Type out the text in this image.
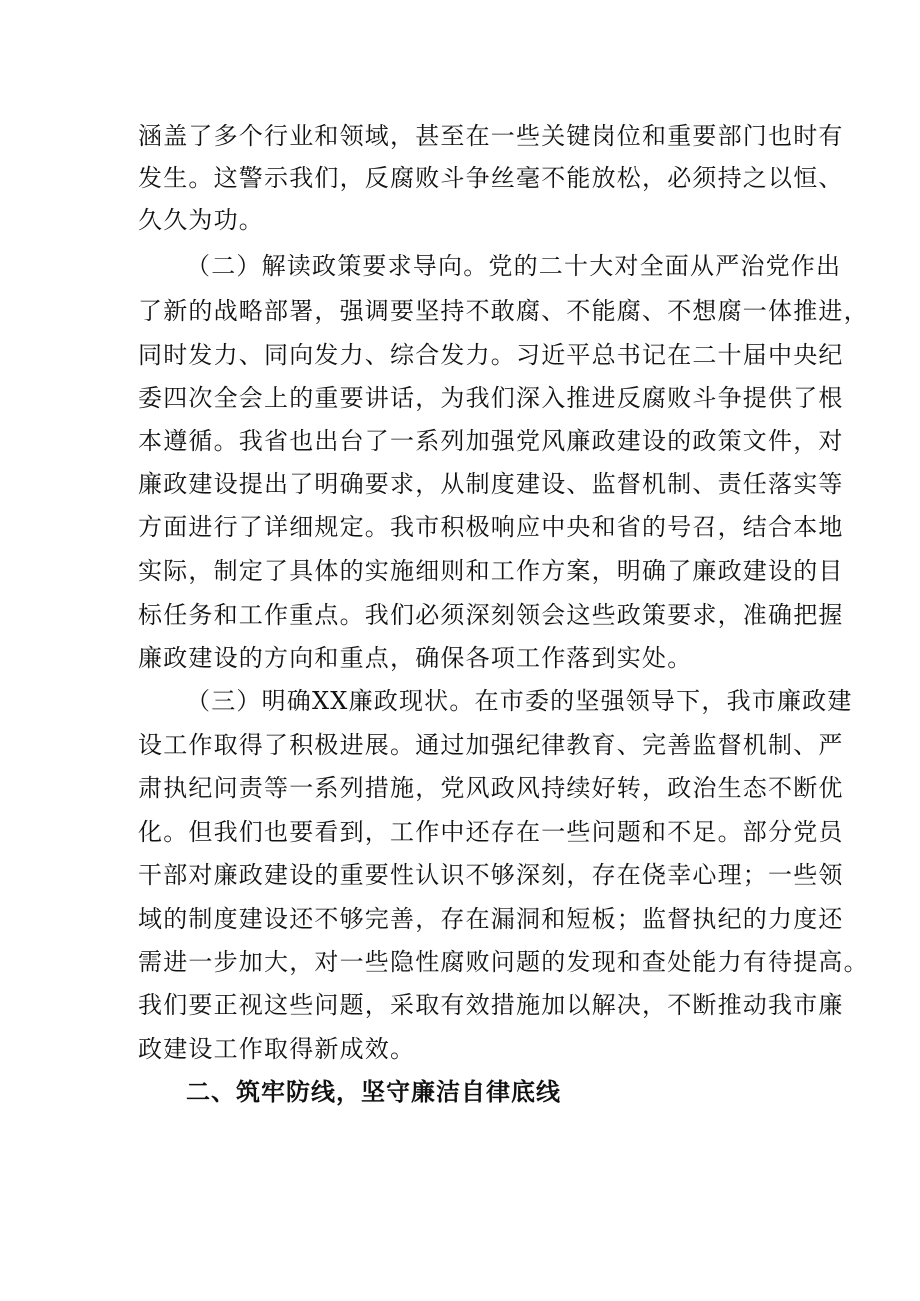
涵盖了多个行业和领域，甚至在一些关键岗位和重要部门也时有
发生。这警示我们，反腐败斗争丝毫不能放松，必须持之以恒、
久久为功。
（二）解读政策要求导向。党的二十大对全面从严治党作出
了新的战略部署，强调要坚持不敢腐、不能腐、不想腐一体推进，
同时发力、同向发力、综合发力。习近平总书记在二十届中央纪
委四次全会上的重要讲话，为我们深入推进反腐败斗争提供了根
本遵循。我省也出台了一系列加强党风廉政建设的政策文件，对
廉政建设提出了明确要求，从制度建设、监督机制、责任落实等
方面进行了详细规定。我市积极响应中央和省的号召，结合本地
实际，制定了具体的实施细则和工作方案，明确了廉政建设的目
标任务和工作重点。我们必须深刻领会这些政策要求，准确把握
廉政建设的方向和重点，确保各项工作落到实处。
（三）明确XX廉政现状。在市委的坚强领导下，我市廉政建
设工作取得了积极进展。通过加强纪律教育、完善监督机制、严
肃执纪问责等一系列措施，党风政风持续好转，政治生态不断优
化。但我们也要看到，工作中还存在一些问题和不足。部分党员
干部对廉政建设的重要性认识不够深刻，存在侥幸心理；一些领
域的制度建设还不够完善，存在漏洞和短板；监督执纪的力度还
需进一步加大，对一些隐性腐败问题的发现和查处能力有待提高。
我们要正视这些问题，采取有效措施加以解决，不断推动我市廉
政建设工作取得新成效。
二、筑牢防线，坚守廉洁自律底线
